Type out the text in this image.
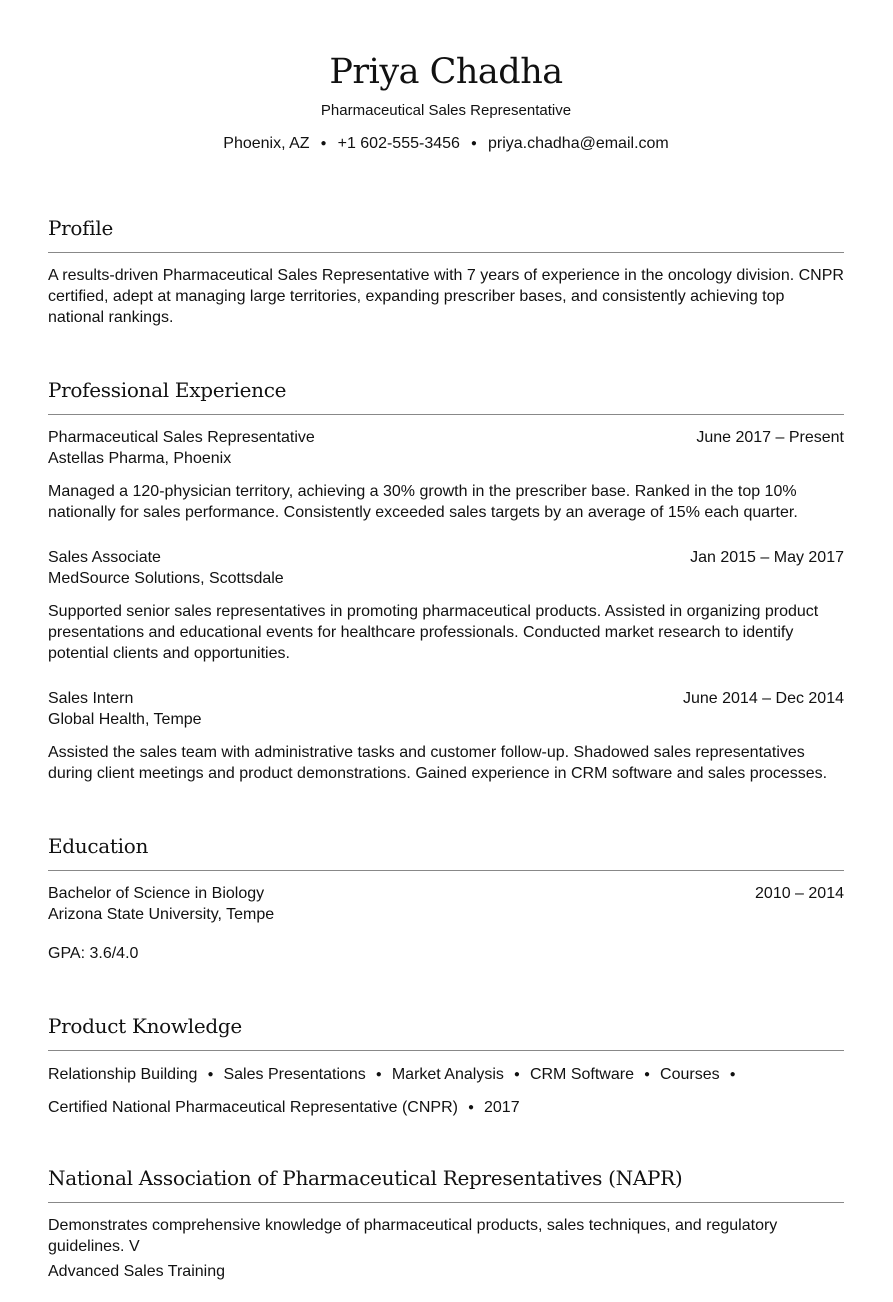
Priya Chadha
Pharmaceutical Sales Representative
Phoenix, AZ ● +1 602-555-3456 ● priya.chadha@email.com
Profile
A results-driven Pharmaceutical Sales Representative with 7 years of experience in the oncology division. CNPR certified, adept at managing large territories, expanding prescriber bases, and consistently achieving top national rankings.
Professional Experience
Pharmaceutical Sales Representative	June 2017 – Present
Astellas Pharma, Phoenix
Managed a 120-physician territory, achieving a 30% growth in the prescriber base. Ranked in the top 10% nationally for sales performance. Consistently exceeded sales targets by an average of 15% each quarter.
Sales Associate	Jan 2015 – May 2017
MedSource Solutions, Scottsdale
Supported senior sales representatives in promoting pharmaceutical products. Assisted in organizing product presentations and educational events for healthcare professionals. Conducted market research to identify potential clients and opportunities.
Sales Intern	June 2014 – Dec 2014
Global Health, Tempe
Assisted the sales team with administrative tasks and customer follow-up. Shadowed sales representatives during client meetings and product demonstrations. Gained experience in CRM software and sales processes.
Education
Bachelor of Science in Biology	2010 – 2014
Arizona State University, Tempe
GPA: 3.6/4.0
Product Knowledge
Relationship Building ● Sales Presentations ● Market Analysis ● CRM Software ● Courses ●
Certified National Pharmaceutical Representative (CNPR) ● 2017
National Association of Pharmaceutical Representatives (NAPR)
Demonstrates comprehensive knowledge of pharmaceutical products, sales techniques, and regulatory guidelines. V
Advanced Sales Training
